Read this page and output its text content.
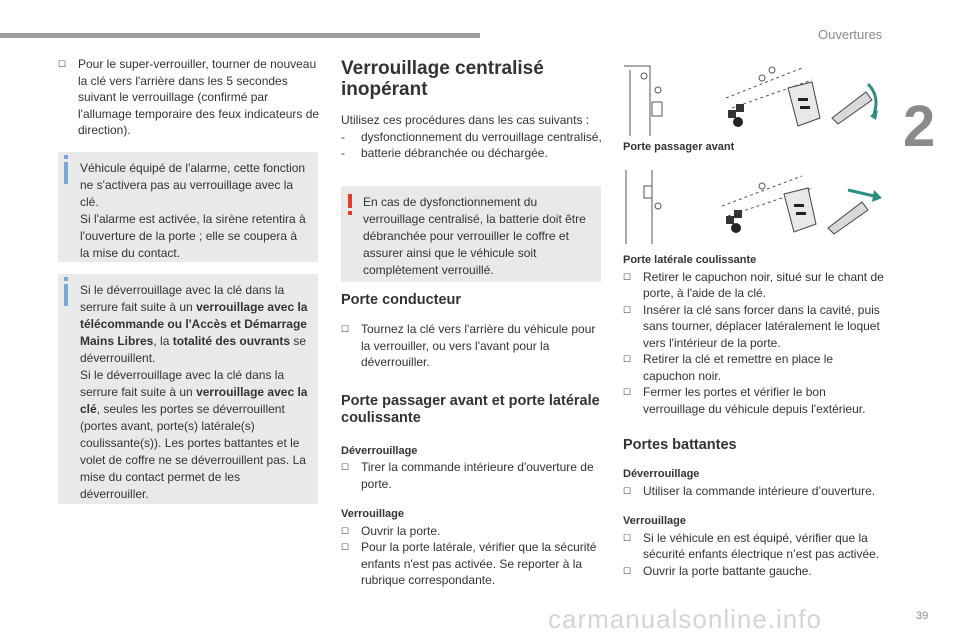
Ouvertures
2
39
carmanualsonline.info

☐ Pour le super-verrouiller, tourner de nouveau la clé vers l'arrière dans les 5 secondes suivant le verrouillage (confirmé par l'allumage temporaire des feux indicateurs de direction).

Véhicule équipé de l'alarme, cette fonction ne s'activera pas au verrouillage avec la clé.

Si l'alarme est activée, la sirène retentira à l'ouverture de la porte ; elle se coupera à la mise du contact.

Si le déverrouillage avec la clé dans la serrure fait suite à un verrouillage avec la télécommande ou l'Accès et Démarrage Mains Libres, la totalité des ouvrants se déverrouillent.

Si le déverrouillage avec la clé dans la serrure fait suite à un verrouillage avec la clé, seules les portes se déverrouillent (portes avant, porte(s) latérale(s) coulissante(s)). Les portes battantes et le volet de coffre ne se déverrouillent pas. La mise du contact permet de les déverrouiller.

Verrouillage centralisé inopérant

Utilisez ces procédures dans les cas suivants :

- dysfonctionnement du verrouillage centralisé,

- batterie débranchée ou déchargée.

En cas de dysfonctionnement du verrouillage centralisé, la batterie doit être débranchée pour verrouiller le coffre et assurer ainsi que le véhicule soit complètement verrouillé.

Porte conducteur

☐ Tournez la clé vers l'arrière du véhicule pour la verrouiller, ou vers l'avant pour la déverrouiller.

Porte passager avant et porte latérale coulissante

Déverrouillage

☐ Tirer la commande intérieure d'ouverture de porte.

Verrouillage

☐ Ouvrir la porte.

☐ Pour la porte latérale, vérifier que la sécurité enfants n'est pas activée. Se reporter à la rubrique correspondante.

Porte passager avant

Porte latérale coulissante

☐ Retirer le capuchon noir, situé sur le chant de porte, à l'aide de la clé.

☐ Insérer la clé sans forcer dans la cavité, puis sans tourner, déplacer latéralement le loquet vers l'intérieur de la porte.

☐ Retirer la clé et remettre en place le capuchon noir.

☐ Fermer les portes et vérifier le bon verrouillage du véhicule depuis l'extérieur.

Portes battantes

Déverrouillage

☐ Utiliser la commande intérieure d’ouverture.

Verrouillage

☐ Si le véhicule en est équipé, vérifier que la sécurité enfants électrique n’est pas activée.

☐ Ouvrir la porte battante gauche.
